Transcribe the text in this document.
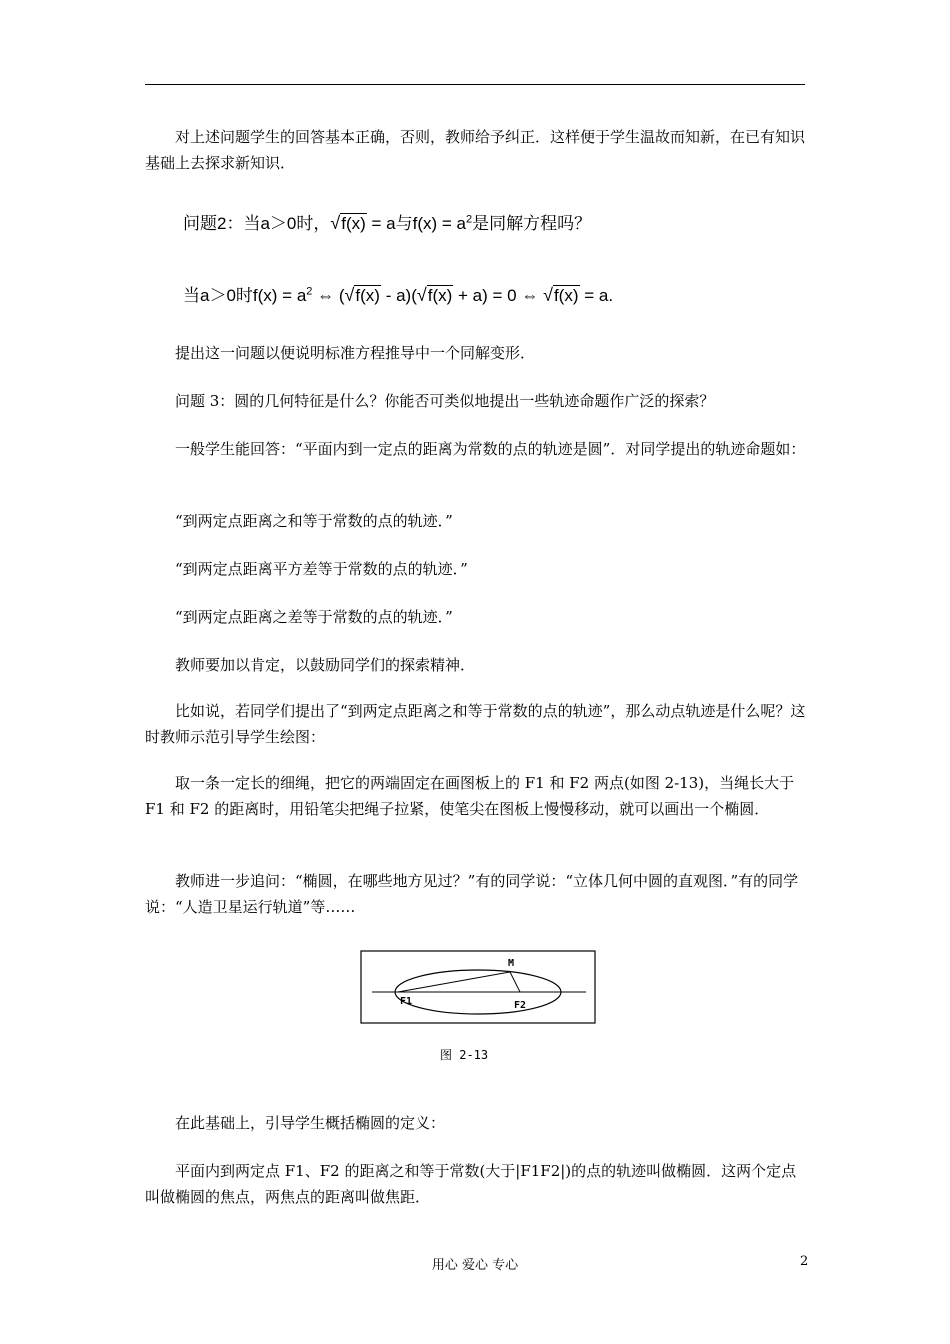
对上述问题学生的回答基本正确，否则，教师给予纠正．这样便于学生温故而知新，在已有知识基础上去探求新知识．

问题2：当a＞0时，√f(x) = a与$f(x) = a^2$是同解方程吗？
当a＞0时$f(x) = a^2$ ⇔ (√f(x) - a)(√f(x) + a) = 0 ⇔ √f(x) = a.

提出这一问题以便说明标准方程推导中一个同解变形．

问题 3：圆的几何特征是什么？你能否可类似地提出一些轨迹命题作广泛的探索？

一般学生能回答：“平面内到一定点的距离为常数的点的轨迹是圆”．对同学提出的轨迹命题如：

“到两定点距离之和等于常数的点的轨迹．”

“到两定点距离平方差等于常数的点的轨迹．”

“到两定点距离之差等于常数的点的轨迹．”

教师要加以肯定，以鼓励同学们的探索精神．

比如说，若同学们提出了“到两定点距离之和等于常数的点的轨迹”，那么动点轨迹是什么呢？这时教师示范引导学生绘图：

取一条一定长的细绳，把它的两端固定在画图板上的 F1 和 F2 两点(如图 2-13)，当绳长大于 F1 和 F2 的距离时，用铅笔尖把绳子拉紧，使笔尖在图板上慢慢移动，就可以画出一个椭圆．

教师进一步追问：“椭圆，在哪些地方见过？”有的同学说：“立体几何中圆的直观图．”有的同学说：“人造卫星运行轨道”等……

M
F1	F2
图 2-13

在此基础上，引导学生概括椭圆的定义：

平面内到两定点 F1、F2 的距离之和等于常数(大于|F1F2|)的点的轨迹叫做椭圆．这两个定点叫做椭圆的焦点，两焦点的距离叫做焦距．

用心 爱心 专心	2
